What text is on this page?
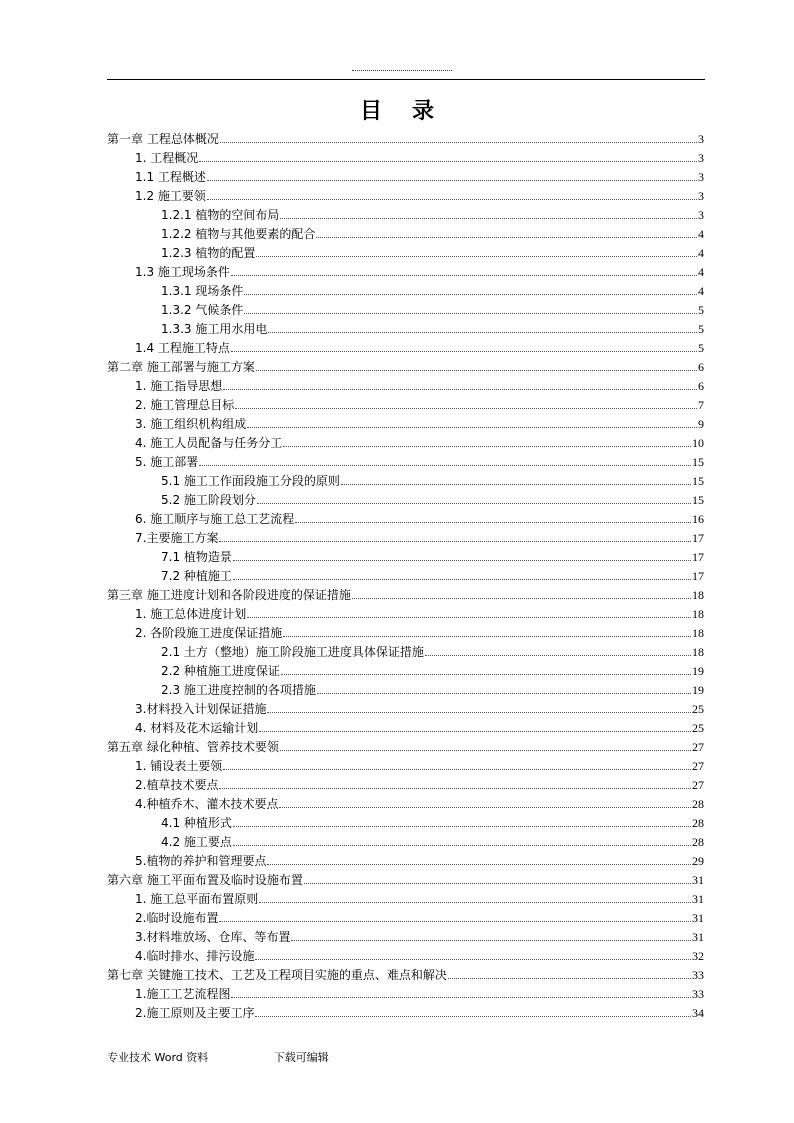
目录
第一章 工程总体概况	3
1. 工程概况	3
1.1 工程概述	3
1.2 施工要领	3
1.2.1 植物的空间布局	3
1.2.2 植物与其他要素的配合	4
1.2.3 植物的配置	4
1.3 施工现场条件	4
1.3.1 现场条件	4
1.3.2 气候条件	5
1.3.3 施工用水用电	5
1.4 工程施工特点	5
第二章 施工部署与施工方案	6
1. 施工指导思想	6
2. 施工管理总目标	7
3. 施工组织机构组成	9
4. 施工人员配备与任务分工	10
5. 施工部署	15
5.1 施工工作面段施工分段的原则	15
5.2 施工阶段划分	15
6. 施工顺序与施工总工艺流程	16
7.主要施工方案	17
7.1 植物造景	17
7.2 种植施工	17
第三章 施工进度计划和各阶段进度的保证措施	18
1. 施工总体进度计划	18
2. 各阶段施工进度保证措施	18
2.1 土方（整地）施工阶段施工进度具体保证措施	18
2.2 种植施工进度保证	19
2.3 施工进度控制的各项措施	19
3.材料投入计划保证措施	25
4. 材料及花木运输计划	25
第五章 绿化种植、管养技术要领	27
1. 铺设表土要领	27
2.植草技术要点	27
4.种植乔木、灌木技术要点	28
4.1 种植形式	28
4.2 施工要点	28
5.植物的养护和管理要点	29
第六章 施工平面布置及临时设施布置	31
1. 施工总平面布置原则	31
2.临时设施布置	31
3.材料堆放场、仓库、等布置	31
4.临时排水、排污设施	32
第七章 关键施工技术、工艺及工程项目实施的重点、难点和解决	33
1.施工工艺流程图	33
2.施工原则及主要工序	34
专业技术 Word 资料	下载可编辑
